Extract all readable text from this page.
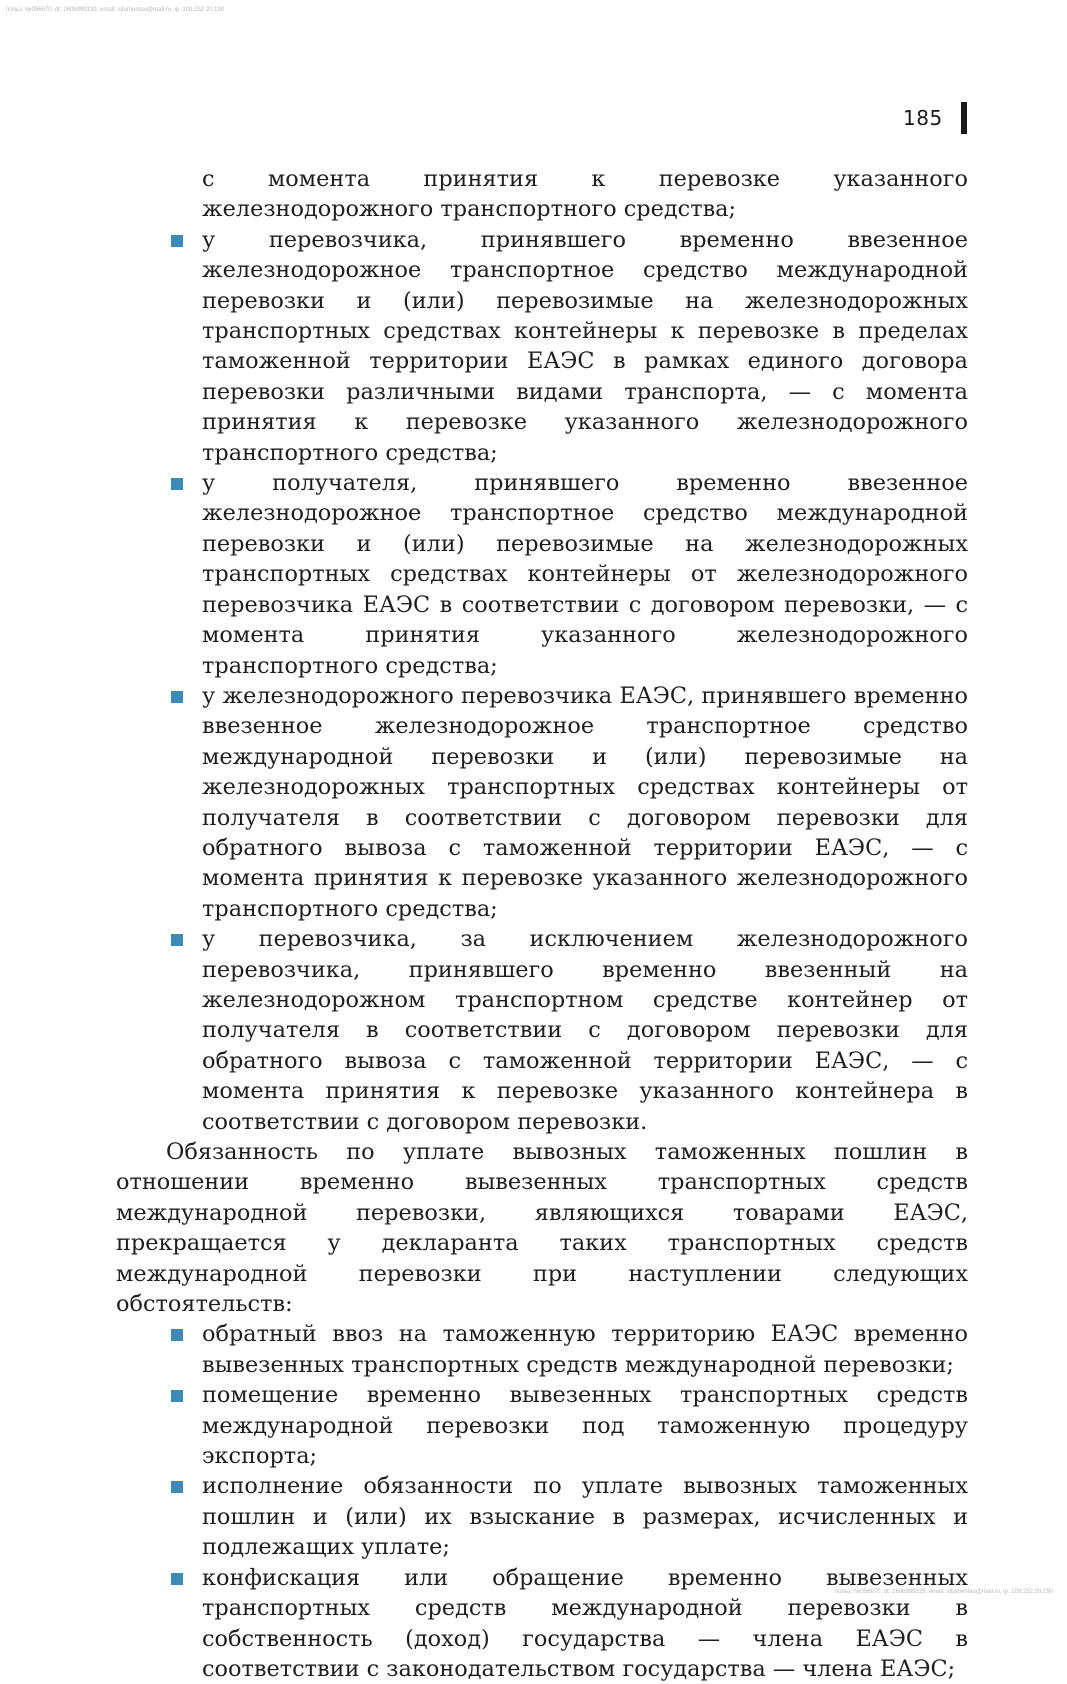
польз. №056670, dt: 1606999139, email: situmentau@mail.ru, ip: 109.252.20.190
185

с момента принятия к перевозке указанного железнодорожного транспортного средства;

у перевозчика, принявшего временно ввезенное железнодорожное транспортное средство международной перевозки и (или) перевозимые на железнодорожных транспортных средствах контейнеры к перевозке в пределах таможенной территории ЕАЭС в рамках единого договора перевозки различными видами транспорта, — с момента принятия к перевозке указанного железнодорожного транспортного средства;
у получателя, принявшего временно ввезенное железнодорожное транспортное средство международной перевозки и (или) перевозимые на железнодорожных транспортных средствах контейнеры от железнодорожного перевозчика ЕАЭС в соответствии с договором перевозки, — с момента принятия указанного железнодорожного транспортного средства;
у железнодорожного перевозчика ЕАЭС, принявшего временно ввезенное железнодорожное транспортное средство международной перевозки и (или) перевозимые на железнодорожных транспортных средствах контейнеры от получателя в соответствии с договором перевозки для обратного вывоза с таможенной территории ЕАЭС, — с момента принятия к перевозке указанного железнодорожного транспортного средства;
у перевозчика, за исключением железнодорожного перевозчика, принявшего временно ввезенный на железнодорожном транспортном средстве контейнер от получателя в соответствии с договором перевозки для обратного вывоза с таможенной территории ЕАЭС, — с момента принятия к перевозке указанного контейнера в соответствии с договором перевозки.

Обязанность по уплате вывозных таможенных пошлин в отношении временно вывезенных транспортных средств международной перевозки, являющихся товарами ЕАЭС, прекращается у декларанта таких транспортных средств международной перевозки при наступлении следующих обстоятельств:

обратный ввоз на таможенную территорию ЕАЭС временно вывезенных транспортных средств международной перевозки;
помещение временно вывезенных транспортных средств международной перевозки под таможенную процедуру экспорта;
исполнение обязанности по уплате вывозных таможенных пошлин и (или) их взыскание в размерах, исчисленных и подлежащих уплате;
конфискация или обращение временно вывезенных транспортных средств международной перевозки в собственность (доход) государства — члена ЕАЭС в соответствии с законодательством государства — члена ЕАЭС;
польз. №056670, dt: 1606999139, email: situmentau@mail.ru, ip: 109.252.20.190
